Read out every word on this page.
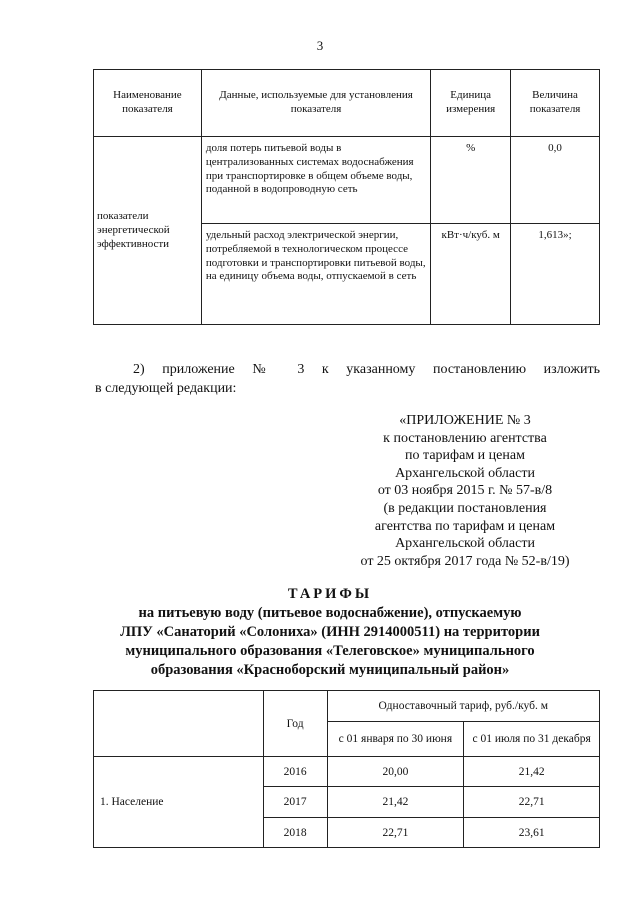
3
Наименование показателя	Данные, используемые для установления показателя	Единица измерения	Величина показателя
показатели энергетической эффективности	доля потерь питьевой воды в централизованных системах водоснабжения при транспортировке в общем объеме воды, поданной в водопроводную сеть	%	0,0
	удельный расход электрической энергии, потребляемой в технологическом процессе подготовки и транспортировки питьевой воды, на единицу объема воды, отпускаемой в сеть	кВт·ч/куб. м	1,613»;
2) приложение № 3 к указанному постановлению изложить
в следующей редакции:
«ПРИЛОЖЕНИЕ № 3
к постановлению агентства
по тарифам и ценам
Архангельской области
от 03 ноября 2015 г. № 57-в/8
(в редакции постановления
агентства по тарифам и ценам
Архангельской области
от 25 октября 2017 года № 52-в/19)
ТАРИФЫ
на питьевую воду (питьевое водоснабжение), отпускаемую
ЛПУ «Санаторий «Солониха» (ИНН 2914000511) на территории
муниципального образования «Телеговское» муниципального
образования «Красноборский муниципальный район»
	Год	Одноставочный тариф, руб./куб. м	
		с 01 января по 30 июня	с 01 июля по 31 декабря
1. Население	2016	20,00	21,42
	2017	21,42	22,71
	2018	22,71	23,61
